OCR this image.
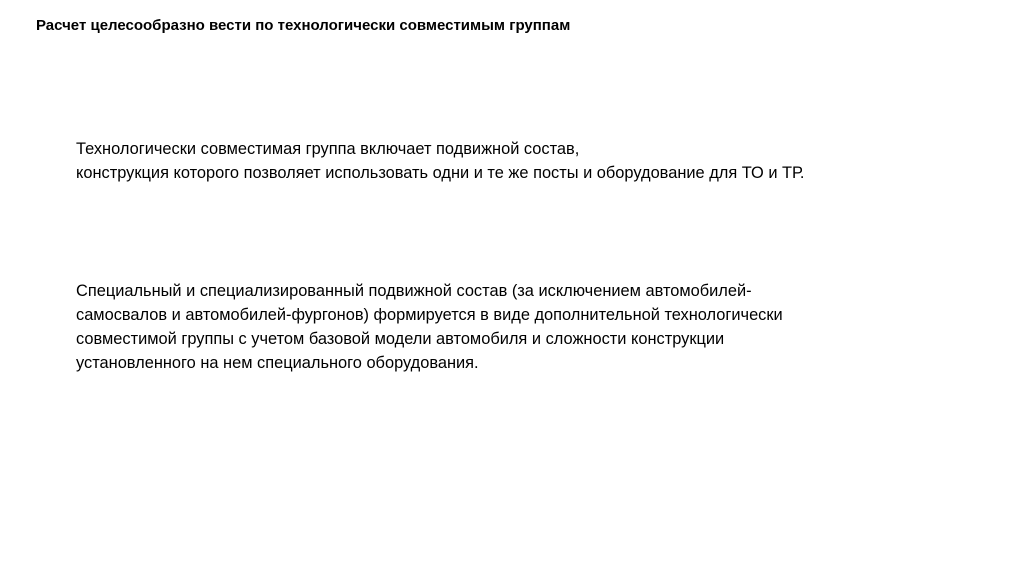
Расчет целесообразно вести по технологически совместимым группам

Технологически совместимая группа включает подвижной состав,
конструкция которого позволяет использовать одни и те же посты и оборудование для ТО и ТР.

Специальный и специализированный подвижной состав (за исключением автомобилей-
самосвалов и автомобилей-фургонов) формируется в виде дополнительной технологически
совместимой группы с учетом базовой модели автомобиля и сложности конструкции
установленного на нем специального оборудования.
